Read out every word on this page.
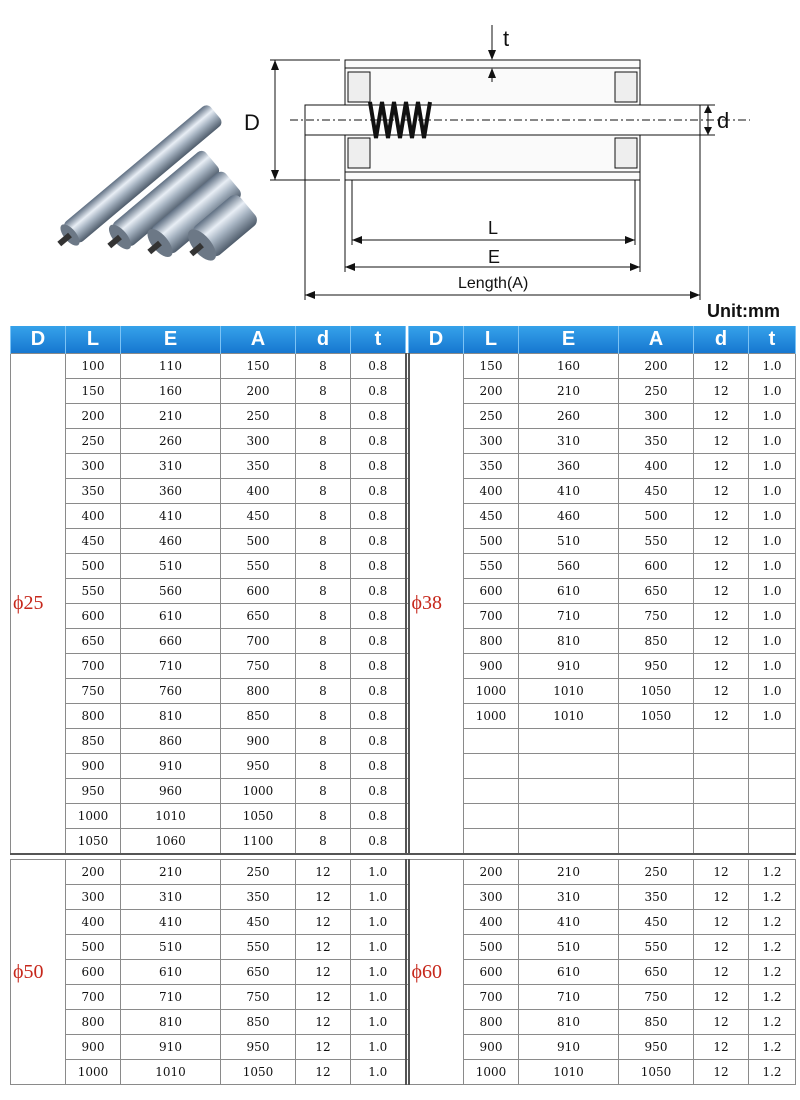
D
t
d
L
E
Length(A)
Unit:mm
D	L	E	A	d	t		D	L	E	A	d	t
ϕ25	100	110	150	8	0.8		ϕ38	150	160	200	12	1.0
	150	160	200	8	0.8			200	210	250	12	1.0
	200	210	250	8	0.8			250	260	300	12	1.0
	250	260	300	8	0.8			300	310	350	12	1.0
	300	310	350	8	0.8			350	360	400	12	1.0
	350	360	400	8	0.8			400	410	450	12	1.0
	400	410	450	8	0.8			450	460	500	12	1.0
	450	460	500	8	0.8			500	510	550	12	1.0
	500	510	550	8	0.8			550	560	600	12	1.0
	550	560	600	8	0.8			600	610	650	12	1.0
	600	610	650	8	0.8			700	710	750	12	1.0
	650	660	700	8	0.8			800	810	850	12	1.0
	700	710	750	8	0.8			900	910	950	12	1.0
	750	760	800	8	0.8			1000	1010	1050	12	1.0
	800	810	850	8	0.8			1000	1010	1050	12	1.0
	850	860	900	8	0.8							
	900	910	950	8	0.8							
	950	960	1000	8	0.8							
	1000	1010	1050	8	0.8							
	1050	1060	1100	8	0.8							

ϕ50	200	210	250	12	1.0		ϕ60	200	210	250	12	1.2
	300	310	350	12	1.0			300	310	350	12	1.2
	400	410	450	12	1.0			400	410	450	12	1.2
	500	510	550	12	1.0			500	510	550	12	1.2
	600	610	650	12	1.0			600	610	650	12	1.2
	700	710	750	12	1.0			700	710	750	12	1.2
	800	810	850	12	1.0			800	810	850	12	1.2
	900	910	950	12	1.0			900	910	950	12	1.2
	1000	1010	1050	12	1.0			1000	1010	1050	12	1.2
